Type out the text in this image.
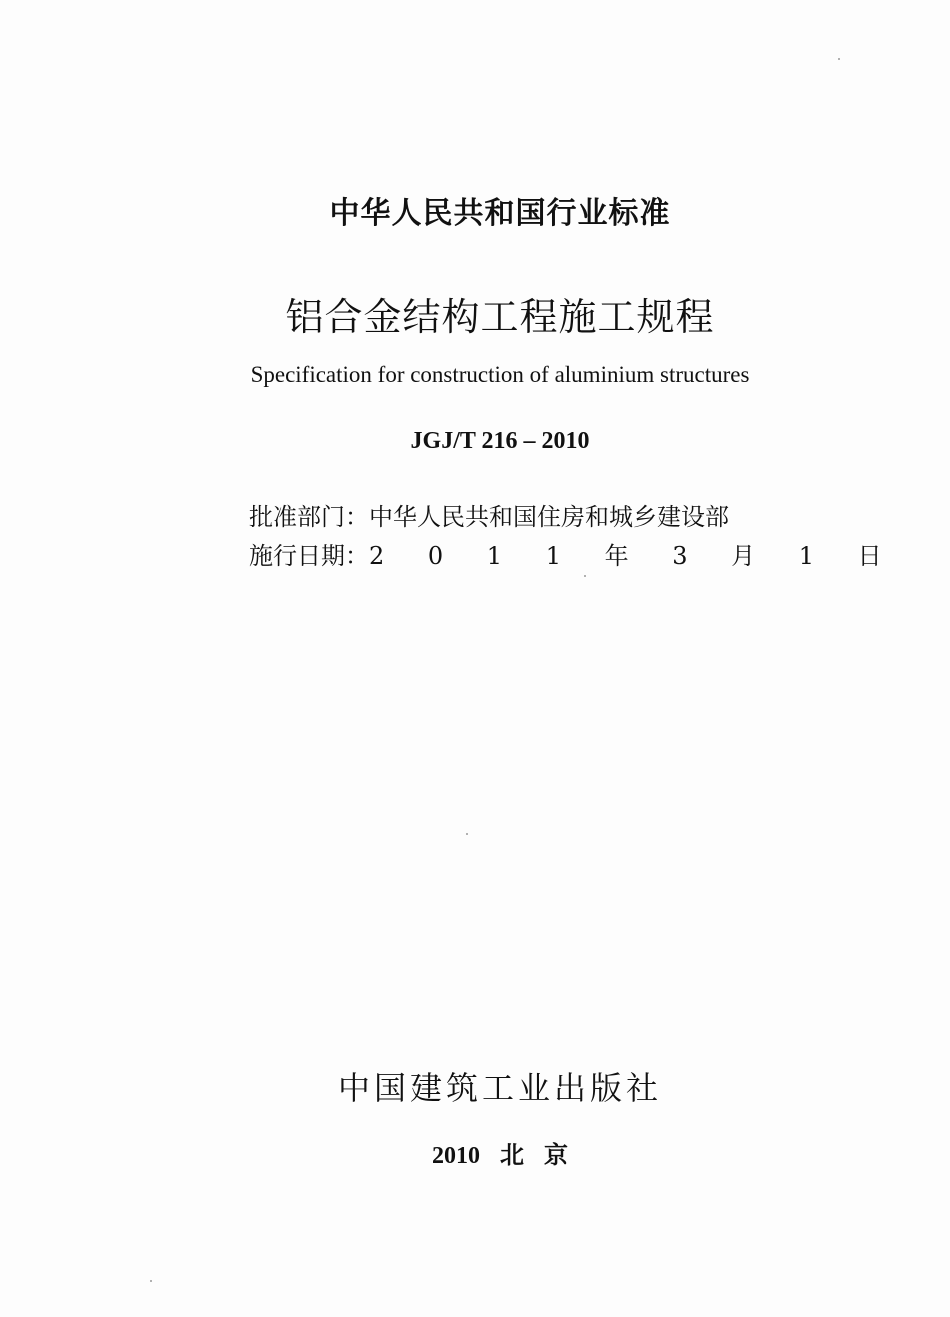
中华人民共和国行业标准
铝合金结构工程施工规程
Specification for construction of aluminium structures
JGJ/T 216 – 2010
批准部门：中华人民共和国住房和城乡建设部
施行日期：2 0 1 1 年 3 月 1 日
中国建筑工业出版社
2010 北 京
